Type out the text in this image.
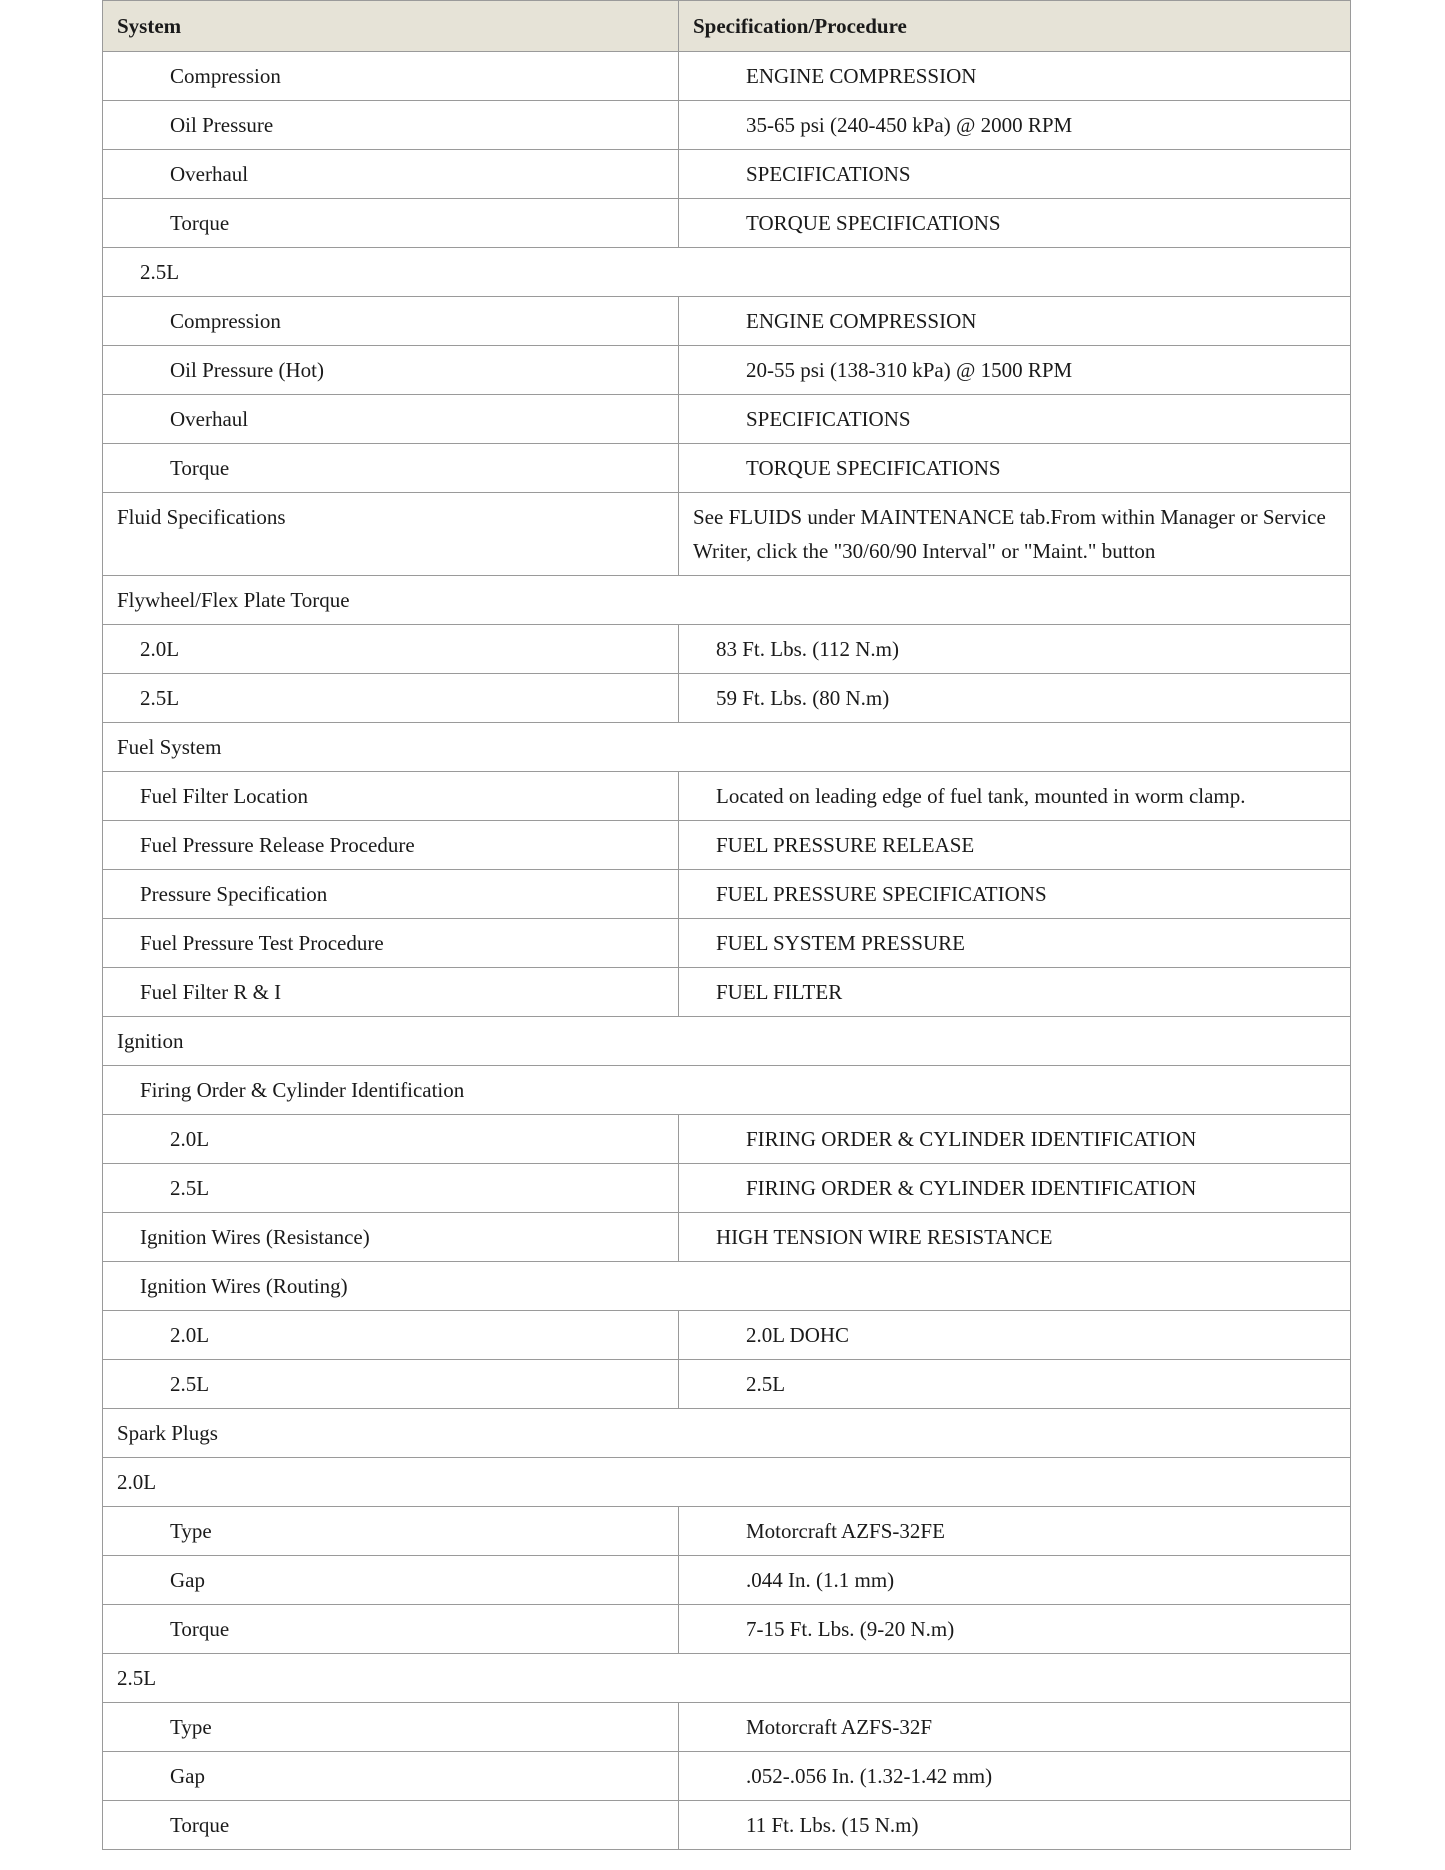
System	Specification/Procedure
Compression	ENGINE COMPRESSION
Oil Pressure	35-65 psi (240-450 kPa) @ 2000 RPM
Overhaul	SPECIFICATIONS
Torque	TORQUE SPECIFICATIONS
2.5L	
Compression	ENGINE COMPRESSION
Oil Pressure (Hot)	20-55 psi (138-310 kPa) @ 1500 RPM
Overhaul	SPECIFICATIONS
Torque	TORQUE SPECIFICATIONS
Fluid Specifications	See FLUIDS under MAINTENANCE tab.From within Manager or Service Writer, click the "30/60/90 Interval" or "Maint." button
Flywheel/Flex Plate Torque	
2.0L	83 Ft. Lbs. (112 N.m)
2.5L	59 Ft. Lbs. (80 N.m)
Fuel System	
Fuel Filter Location	Located on leading edge of fuel tank, mounted in worm clamp.
Fuel Pressure Release Procedure	FUEL PRESSURE RELEASE
Pressure Specification	FUEL PRESSURE SPECIFICATIONS
Fuel Pressure Test Procedure	FUEL SYSTEM PRESSURE
Fuel Filter R & I	FUEL FILTER
Ignition	
Firing Order & Cylinder Identification	
2.0L	FIRING ORDER & CYLINDER IDENTIFICATION
2.5L	FIRING ORDER & CYLINDER IDENTIFICATION
Ignition Wires (Resistance)	HIGH TENSION WIRE RESISTANCE
Ignition Wires (Routing)	
2.0L	2.0L DOHC
2.5L	2.5L
Spark Plugs	
2.0L	
Type	Motorcraft AZFS-32FE
Gap	.044 In. (1.1 mm)
Torque	7-15 Ft. Lbs. (9-20 N.m)
2.5L	
Type	Motorcraft AZFS-32F
Gap	.052-.056 In. (1.32-1.42 mm)
Torque	11 Ft. Lbs. (15 N.m)
